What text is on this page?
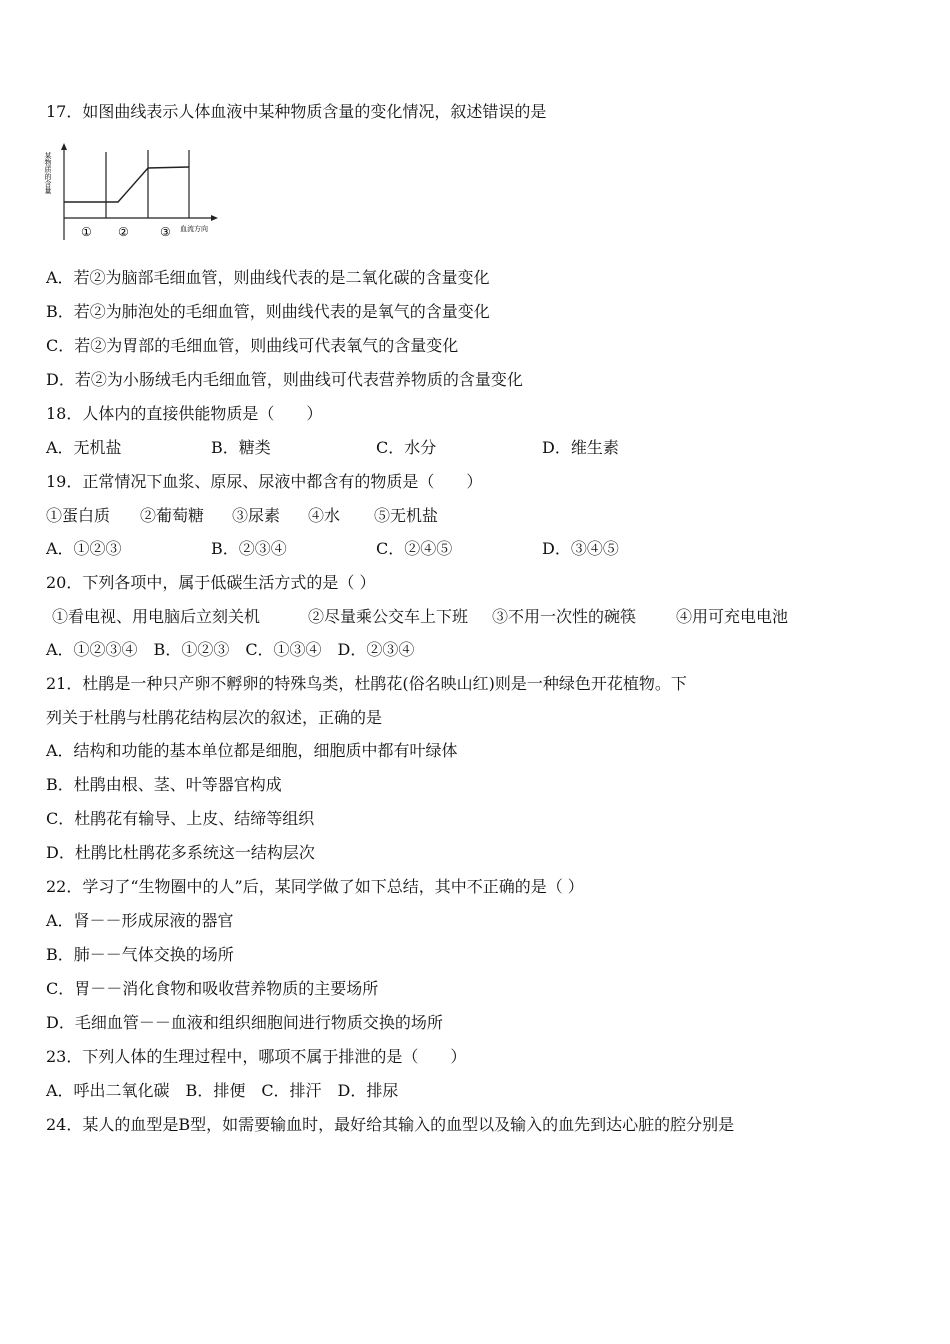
17．如图曲线表示人体血液中某种物质含量的变化情况，叙述错误的是
某物质的含量
① ②	③ 血流方向
A．若②为脑部毛细血管，则曲线代表的是二氧化碳的含量变化
B．若②为肺泡处的毛细血管，则曲线代表的是氧气的含量变化
C．若②为胃部的毛细血管，则曲线可代表氧气的含量变化
D．若②为小肠绒毛内毛细血管，则曲线可代表营养物质的含量变化
18．人体内的直接供能物质是（　　）
A．无机盐	B．糖类	C．水分	D．维生素
19．正常情况下血浆、原尿、尿液中都含有的物质是（　　）
①蛋白质 ②葡萄糖 ③尿素 ④水 ⑤无机盐
A．①②③	B．②③④	C．②④⑤	D．③④⑤
20．下列各项中，属于低碳生活方式的是（ ）
①看电视、用电脑后立刻关机	②尽量乘公交车上下班 ③不用一次性的碗筷 ④用可充电电池
A．①②③④　B．①②③　C．①③④　D．②③④
21．杜鹃是一种只产卵不孵卵的特殊鸟类，杜鹃花(俗名映山红)则是一种绿色开花植物。下
列关于杜鹃与杜鹃花结构层次的叙述，正确的是
A．结构和功能的基本单位都是细胞，细胞质中都有叶绿体
B．杜鹃由根、茎、叶等器官构成
C．杜鹃花有输导、上皮、结缔等组织
D．杜鹃比杜鹃花多系统这一结构层次
22．学习了“生物圈中的人”后，某同学做了如下总结，其中不正确的是（ ）
A．肾－－形成尿液的器官
B．肺－－气体交换的场所
C．胃－－消化食物和吸收营养物质的主要场所
D．毛细血管－－血液和组织细胞间进行物质交换的场所
23．下列人体的生理过程中，哪项不属于排泄的是（　　）
A．呼出二氧化碳　B．排便　C．排汗　D．排尿
24．某人的血型是B型，如需要输血时，最好给其输入的血型以及输入的血先到达心脏的腔分别是
